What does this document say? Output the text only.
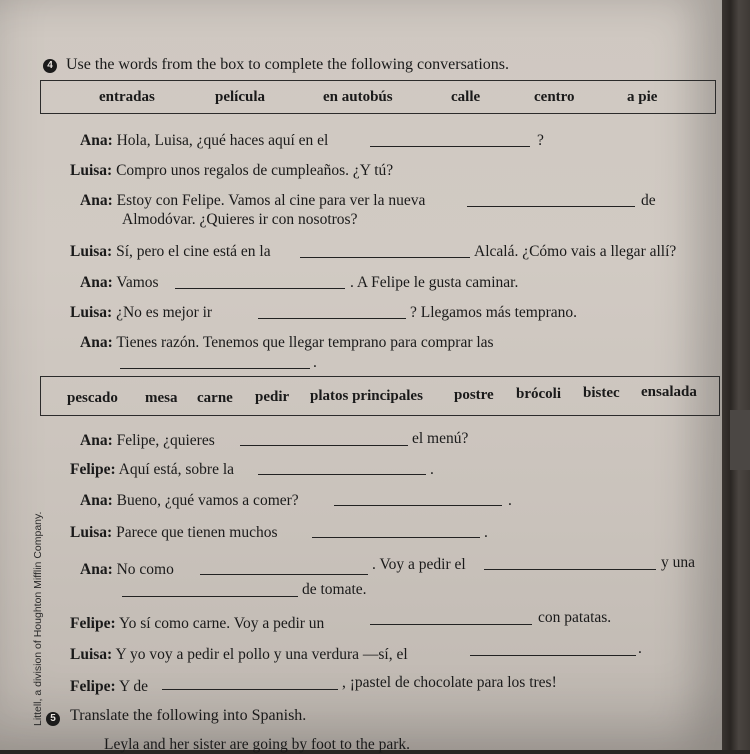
4 Use the words from the box to complete the following conversations.
entradas	película	en autobús	calle	centro	a pie
Ana: Hola, Luisa, ¿qué haces aquí en el	?
Luisa: Compro unos regalos de cumpleaños. ¿Y tú?
Ana: Estoy con Felipe. Vamos al cine para ver la nueva	de
Almodóvar. ¿Quieres ir con nosotros?
Luisa: Sí, pero el cine está en la	Alcalá. ¿Cómo vais a llegar allí?
Ana: Vamos	. A Felipe le gusta caminar.
Luisa: ¿No es mejor ir	? Llegamos más temprano.
Ana: Tienes razón. Tenemos que llegar temprano para comprar las
.
pescado mesa carne pedir platos principales postre brócoli bistec ensalada
Ana: Felipe, ¿quieres	el menú?
Felipe: Aquí está, sobre la	.
Ana: Bueno, ¿qué vamos a comer?	.
Luisa: Parece que tienen muchos	.
Ana: No como	. Voy a pedir el	y una
de tomate.
Felipe: Yo sí como carne. Voy a pedir un	con patatas.
Luisa: Y yo voy a pedir el pollo y una verdura —sí, el	.
Felipe: Y de	, ¡pastel de chocolate para los tres!
5 Translate the following into Spanish.
Leyla and her sister are going by foot to the park.
Littell, a division of Houghton Mifflin Company.
